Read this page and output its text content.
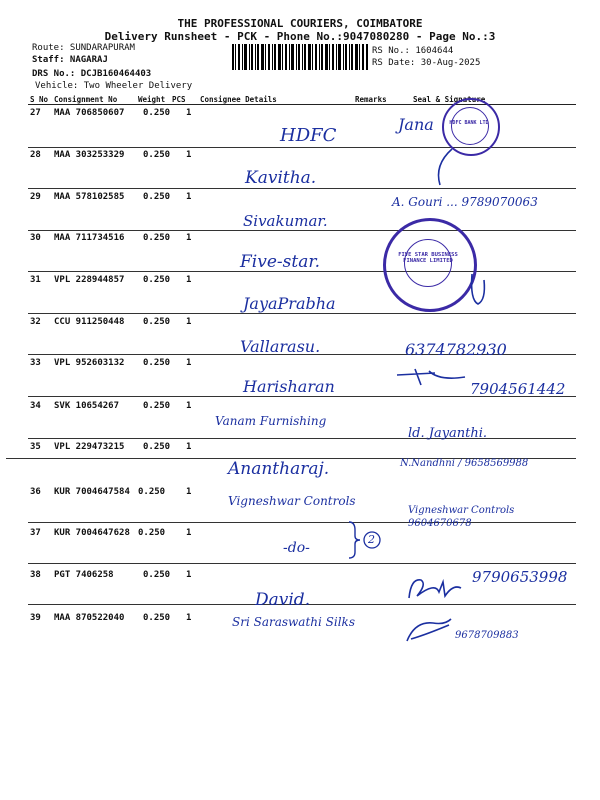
THE PROFESSIONAL COURIERS, COIMBATORE
Delivery Runsheet - PCK - Phone No.:9047080280 - Page No.:3
Route: SUNDARAPURAM
Staff: NAGARAJ
DRS No.: DCJB160464403
Vehicle: Two Wheeler Delivery
RS No.: 1604644
RS Date: 30-Aug-2025
S No Consignment No	Weight PCS Consignee Details	Remarks	Seal & Signature
27 MAA 706850607 0.250 1
HDFC
Jana
28 MAA 303253329 0.250 1
Kavitha.
29 MAA 578102585 0.250 1
Sivakumar.
A. Gouri ... 9789070063
30 MAA 711734516 0.250 1
Five-star.
31 VPL 228944857 0.250 1
JayaPrabha
32 CCU 911250448 0.250 1
Vallarasu.	6374782930
33 VPL 952603132 0.250 1
Harisharan	7904561442
34 SVK 10654267	0.250 1
Vanam Furnishing
ld. Jayanthi.
35 VPL 229473215 0.250 1
Anantharaj.	N.Nandhni / 9658569988
36 KUR 7004647584 0.250 1
Vigneshwar Controls
37 KUR 7004647628 0.250 1
-do-
Vigneshwar Controls 9604670678
2
38 PGT 7406258	0.250 1
David.
9790653998
39 MAA 870522040 0.250 1	Sri Saraswathi Silks
9678709883
HDFC BANK LTD
FIVE STAR BUSINESS FINANCE LIMITED
